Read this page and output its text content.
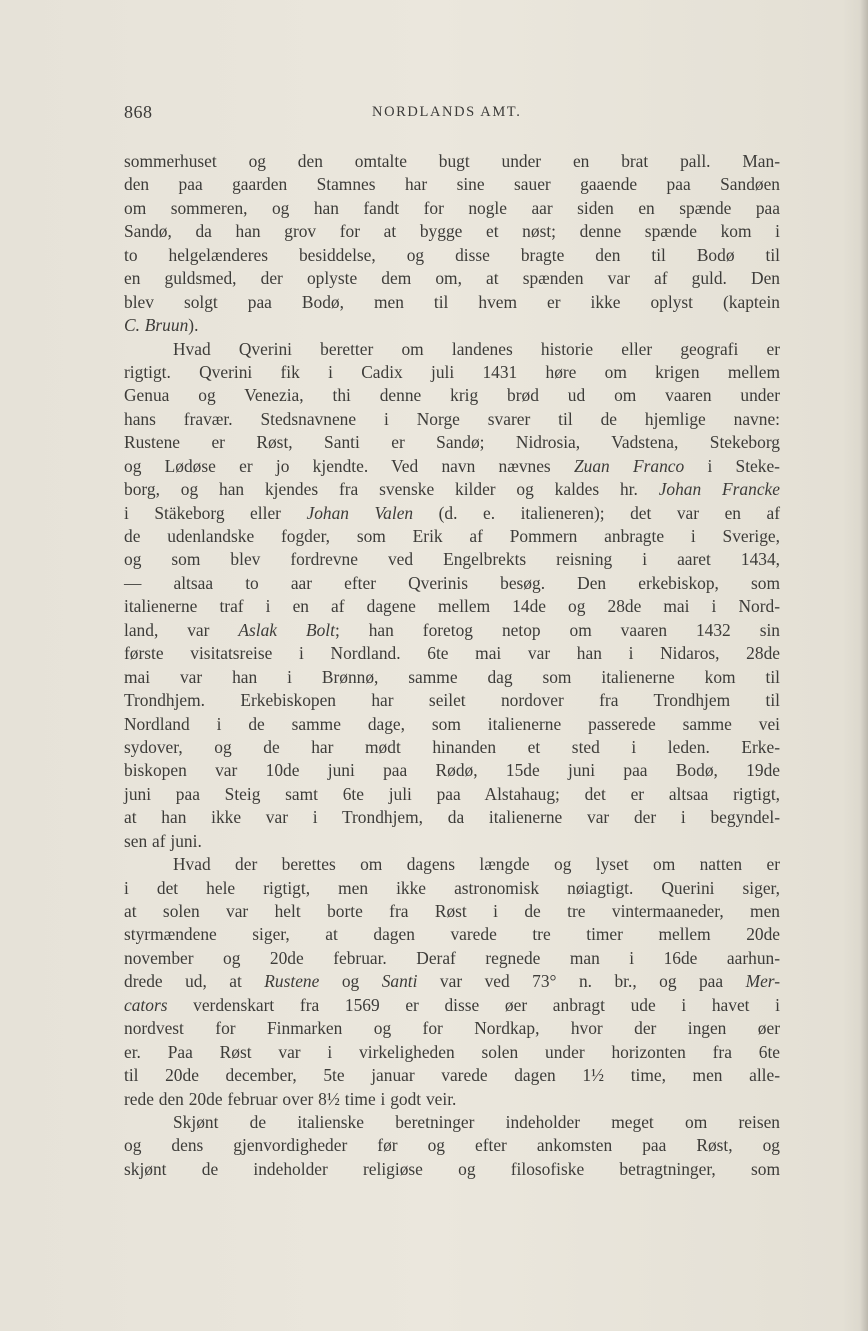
868	NORDLANDS AMT.
sommerhuset og den omtalte bugt under en brat pall. Man-
den paa gaarden Stamnes har sine sauer gaaende paa Sandøen
om sommeren, og han fandt for nogle aar siden en spænde paa
Sandø, da han grov for at bygge et nøst; denne spænde kom i
to helgelænderes besiddelse, og disse bragte den til Bodø til
en guldsmed, der oplyste dem om, at spænden var af guld. Den
blev solgt paa Bodø, men til hvem er ikke oplyst (kaptein
C. Bruun).
Hvad Qverini beretter om landenes historie eller geografi er
rigtigt. Qverini fik i Cadix juli 1431 høre om krigen mellem
Genua og Venezia, thi denne krig brød ud om vaaren under
hans fravær. Stedsnavnene i Norge svarer til de hjemlige navne:
Rustene er Røst, Santi er Sandø; Nidrosia, Vadstena, Stekeborg
og Lødøse er jo kjendte. Ved navn nævnes Zuan Franco i Steke-
borg, og han kjendes fra svenske kilder og kaldes hr. Johan Francke
i Stäkeborg eller Johan Valen (d. e. italieneren); det var en af
de udenlandske fogder, som Erik af Pommern anbragte i Sverige,
og som blev fordrevne ved Engelbrekts reisning i aaret 1434,
— altsaa to aar efter Qverinis besøg. Den erkebiskop, som
italienerne traf i en af dagene mellem 14de og 28de mai i Nord-
land, var Aslak Bolt; han foretog netop om vaaren 1432 sin
første visitatsreise i Nordland. 6te mai var han i Nidaros, 28de
mai var han i Brønnø, samme dag som italienerne kom til
Trondhjem. Erkebiskopen har seilet nordover fra Trondhjem til
Nordland i de samme dage, som italienerne passerede samme vei
sydover, og de har mødt hinanden et sted i leden. Erke-
biskopen var 10de juni paa Rødø, 15de juni paa Bodø, 19de
juni paa Steig samt 6te juli paa Alstahaug; det er altsaa rigtigt,
at han ikke var i Trondhjem, da italienerne var der i begyndel-
sen af juni.
Hvad der berettes om dagens længde og lyset om natten er
i det hele rigtigt, men ikke astronomisk nøiagtigt. Querini siger,
at solen var helt borte fra Røst i de tre vintermaaneder, men
styrmændene siger, at dagen varede tre timer mellem 20de
november og 20de februar. Deraf regnede man i 16de aarhun-
drede ud, at Rustene og Santi var ved 73° n. br., og paa Mer-
cators verdenskart fra 1569 er disse øer anbragt ude i havet i
nordvest for Finmarken og for Nordkap, hvor der ingen øer
er. Paa Røst var i virkeligheden solen under horizonten fra 6te
til 20de december, 5te januar varede dagen 1½ time, men alle-
rede den 20de februar over 8½ time i godt veir.
Skjønt de italienske beretninger indeholder meget om reisen
og dens gjenvordigheder før og efter ankomsten paa Røst, og
skjønt de indeholder religiøse og filosofiske betragtninger, som
